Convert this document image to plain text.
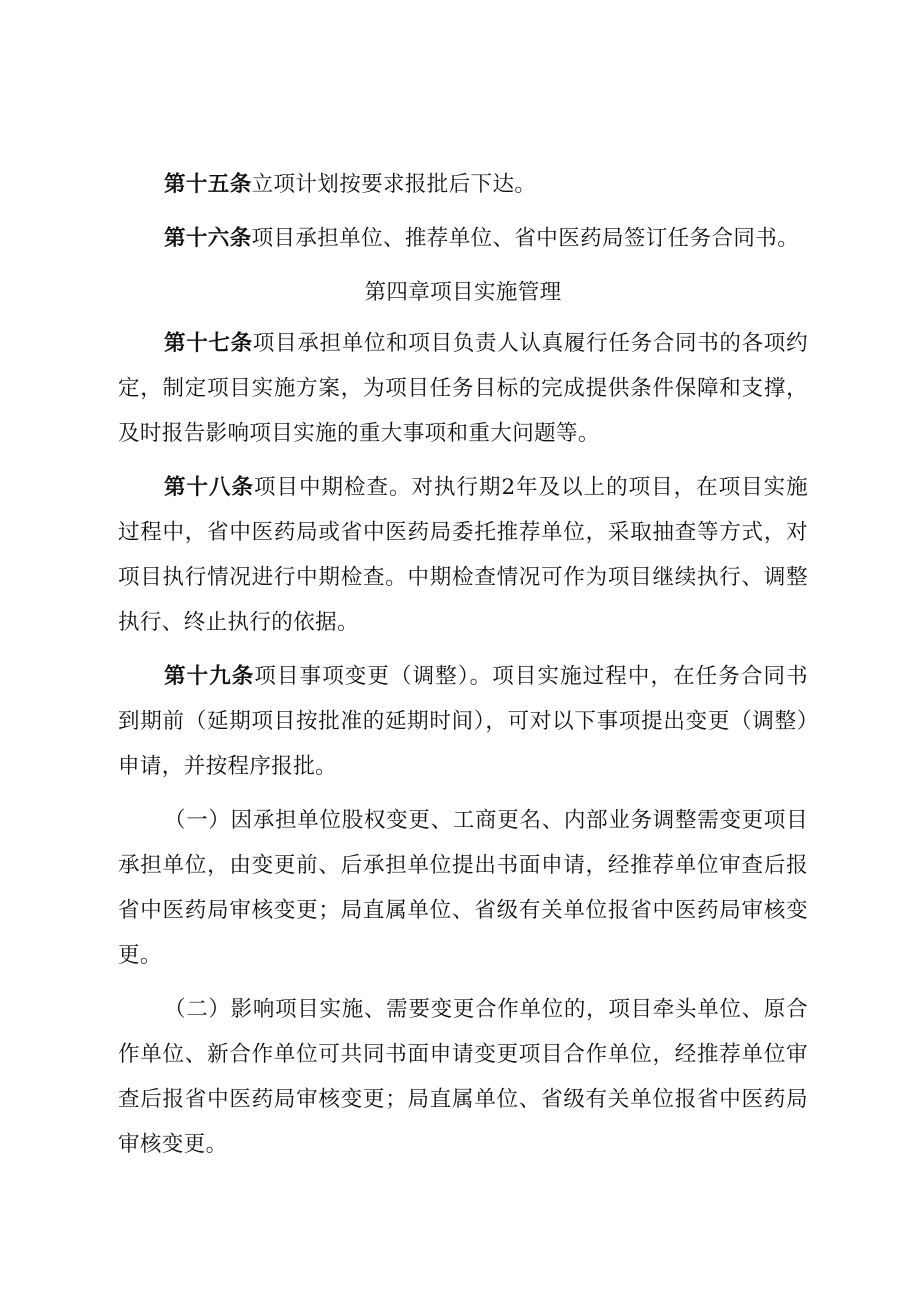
第十五条立项计划按要求报批后下达。

第十六条项目承担单位、推荐单位、省中医药局签订任务合同书。

第四章项目实施管理

第十七条项目承担单位和项目负责人认真履行任务合同书的各项约定，制定项目实施方案，为项目任务目标的完成提供条件保障和支撑，及时报告影响项目实施的重大事项和重大问题等。

第十八条项目中期检查。对执行期2年及以上的项目，在项目实施过程中，省中医药局或省中医药局委托推荐单位，采取抽查等方式，对项目执行情况进行中期检查。中期检查情况可作为项目继续执行、调整执行、终止执行的依据。

第十九条项目事项变更（调整）。项目实施过程中，在任务合同书到期前（延期项目按批准的延期时间），可对以下事项提出变更（调整）申请，并按程序报批。

（一）因承担单位股权变更、工商更名、内部业务调整需变更项目承担单位，由变更前、后承担单位提出书面申请，经推荐单位审查后报省中医药局审核变更；局直属单位、省级有关单位报省中医药局审核变更。

（二）影响项目实施、需要变更合作单位的，项目牵头单位、原合作单位、新合作单位可共同书面申请变更项目合作单位，经推荐单位审查后报省中医药局审核变更；局直属单位、省级有关单位报省中医药局审核变更。
